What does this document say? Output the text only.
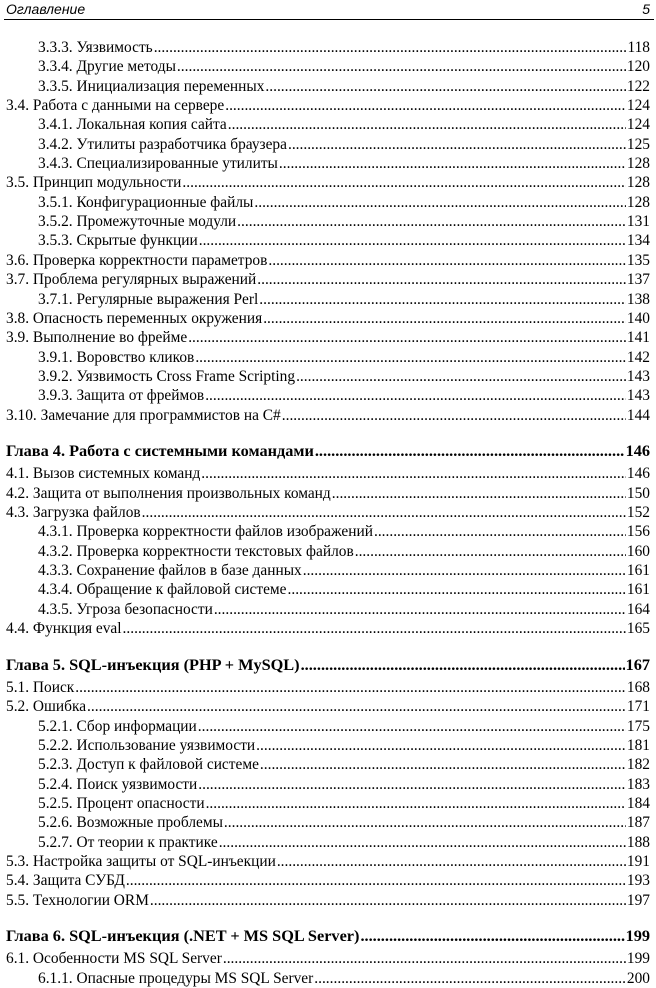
Оглавление	5
3.3.3. Уязвимость .....	118
3.3.4. Другие методы .....	120
3.3.5. Инициализация переменных .....	122
3.4. Работа с данными на сервере .....	124
3.4.1. Локальная копия сайта .....	124
3.4.2. Утилиты разработчика браузера .....	125
3.4.3. Специализированные утилиты .....	128
3.5. Принцип модульности .....	128
3.5.1. Конфигурационные файлы .....	128
3.5.2. Промежуточные модули .....	131
3.5.3. Скрытые функции .....	134
3.6. Проверка корректности параметров .....	135
3.7. Проблема регулярных выражений .....	137
3.7.1. Регулярные выражения Perl .....	138
3.8. Опасность переменных окружения .....	140
3.9. Выполнение во фрейме .....	141
3.9.1. Воровство кликов .....	142
3.9.2. Уязвимость Cross Frame Scripting .....	143
3.9.3. Защита от фреймов .....	143
3.10. Замечание для программистов на C# .....	144
Глава 4. Работа с системными командами .....	146
4.1. Вызов системных команд .....	146
4.2. Защита от выполнения произвольных команд .....	150
4.3. Загрузка файлов .....	152
4.3.1. Проверка корректности файлов изображений .....	156
4.3.2. Проверка корректности текстовых файлов .....	160
4.3.3. Сохранение файлов в базе данных .....	161
4.3.4. Обращение к файловой системе .....	161
4.3.5. Угроза безопасности .....	164
4.4. Функция eval .....	165
Глава 5. SQL-инъекция (PHP + MySQL) .....	167
5.1. Поиск .....	168
5.2. Ошибка .....	171
5.2.1. Сбор информации .....	175
5.2.2. Использование уязвимости .....	181
5.2.3. Доступ к файловой системе .....	182
5.2.4. Поиск уязвимости .....	183
5.2.5. Процент опасности .....	184
5.2.6. Возможные проблемы .....	187
5.2.7. От теории к практике .....	188
5.3. Настройка защиты от SQL-инъекции .....	191
5.4. Защита СУБД .....	193
5.5. Технологии ORM .....	197
Глава 6. SQL-инъекция (.NET + MS SQL Server) .....	199
6.1. Особенности MS SQL Server .....	199
6.1.1. Опасные процедуры MS SQL Server .....	200
